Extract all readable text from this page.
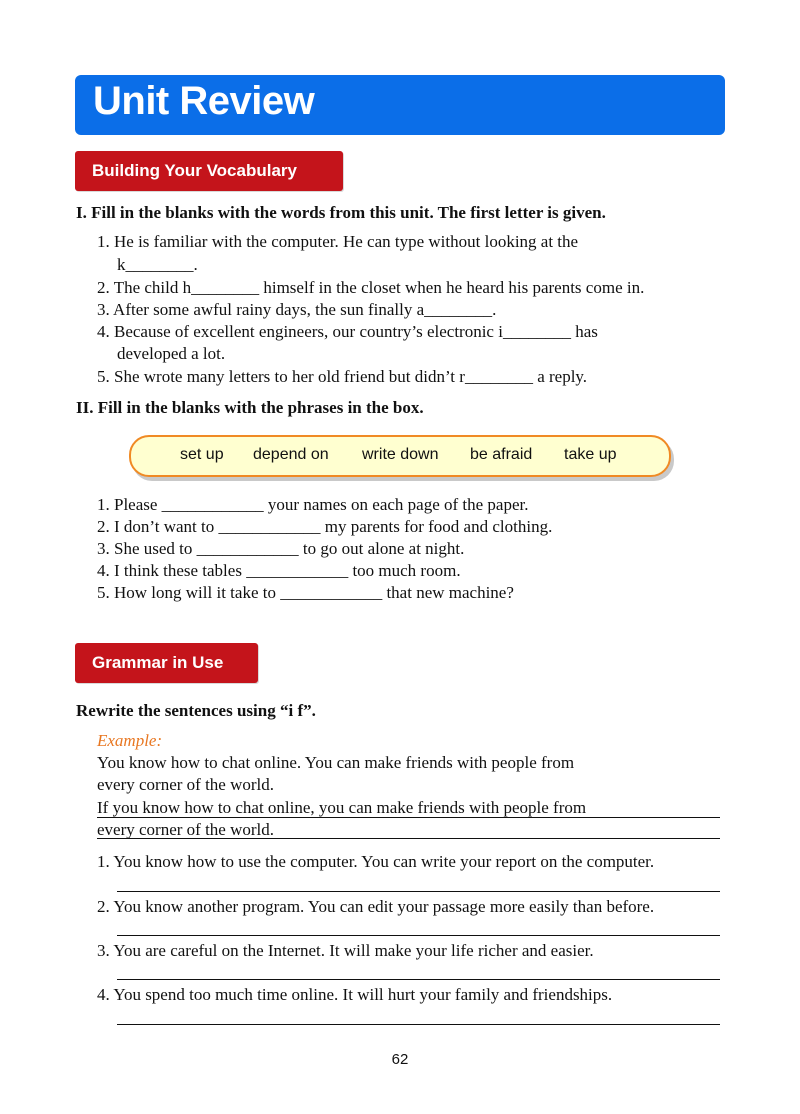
Unit Review
Building Your Vocabulary
I. Fill in the blanks with the words from this unit. The first letter is given.
1. He is familiar with the computer. He can type without looking at the
k________.
2. The child h________ himself in the closet when he heard his parents come in.
3. After some awful rainy days, the sun finally a________.
4. Because of excellent engineers, our country’s electronic i________ has
developed a lot.
5. She wrote many letters to her old friend but didn’t r________ a reply.
II. Fill in the blanks with the phrases in the box.
set up depend on write down be afraid take up
1. Please ____________ your names on each page of the paper.
2. I don’t want to ____________ my parents for food and clothing.
3. She used to ____________ to go out alone at night.
4. I think these tables ____________ too much room.
5. How long will it take to ____________ that new machine?
Grammar in Use
Rewrite the sentences using “i f”.
Example:
You know how to chat online. You can make friends with people from
every corner of the world.
If you know how to chat online, you can make friends with people from
every corner of the world.
1. You know how to use the computer. You can write your report on the computer.
2. You know another program. You can edit your passage more easily than before.
3. You are careful on the Internet. It will make your life richer and easier.
4. You spend too much time online. It will hurt your family and friendships.
62
